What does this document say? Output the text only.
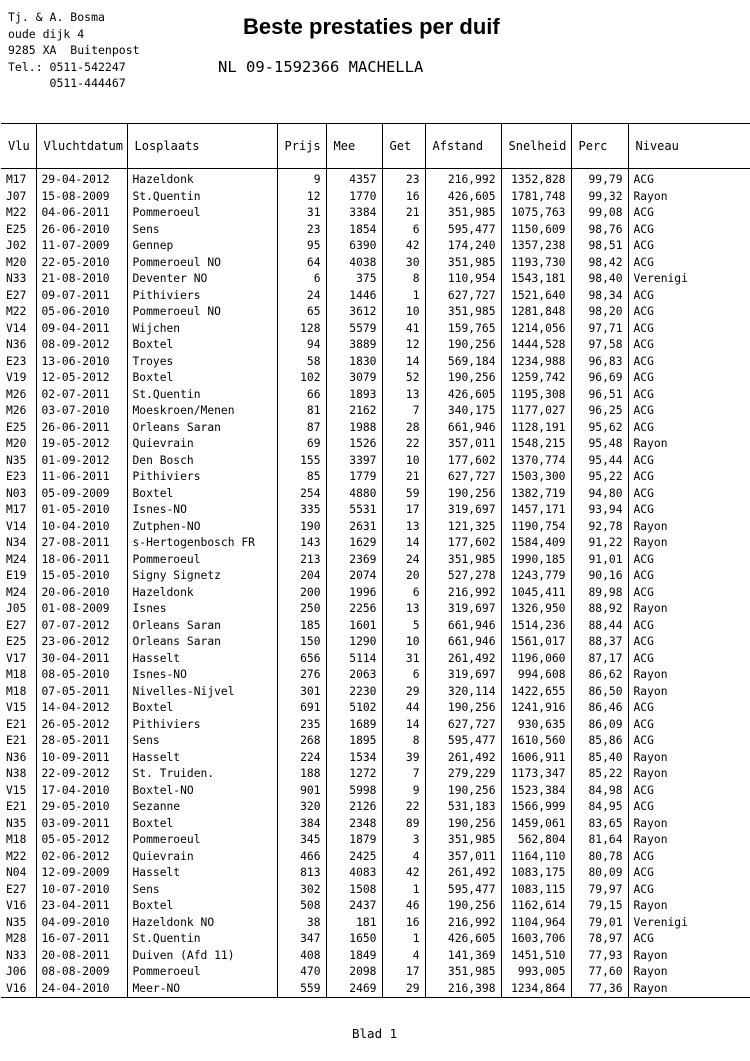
Tj. & A. Bosma
oude dijk 4
9285 XA  Buitenpost
Tel.: 0511-542247
0511-444467
Beste prestaties per duif
NL 09-1592366 MACHELLA
Vlu	Vluchtdatum	Losplaats	Prijs	Mee	Get	Afstand	Snelheid	Perc	Niveau
M17	29-04-2012	Hazeldonk	9	4357	23	216,992	1352,828	99,79	ACG
J07	15-08-2009	St.Quentin	12	1770	16	426,605	1781,748	99,32	Rayon
M22	04-06-2011	Pommeroeul	31	3384	21	351,985	1075,763	99,08	ACG
E25	26-06-2010	Sens	23	1854	6	595,477	1150,609	98,76	ACG
J02	11-07-2009	Gennep	95	6390	42	174,240	1357,238	98,51	ACG
M20	22-05-2010	Pommeroeul NO	64	4038	30	351,985	1193,730	98,42	ACG
N33	21-08-2010	Deventer NO	6	375	8	110,954	1543,181	98,40	Verenigi
E27	09-07-2011	Pithiviers	24	1446	1	627,727	1521,640	98,34	ACG
M22	05-06-2010	Pommeroeul NO	65	3612	10	351,985	1281,848	98,20	ACG
V14	09-04-2011	Wijchen	128	5579	41	159,765	1214,056	97,71	ACG
N36	08-09-2012	Boxtel	94	3889	12	190,256	1444,528	97,58	ACG
E23	13-06-2010	Troyes	58	1830	14	569,184	1234,988	96,83	ACG
V19	12-05-2012	Boxtel	102	3079	52	190,256	1259,742	96,69	ACG
M26	02-07-2011	St.Quentin	66	1893	13	426,605	1195,308	96,51	ACG
M26	03-07-2010	Moeskroen/Menen	81	2162	7	340,175	1177,027	96,25	ACG
E25	26-06-2011	Orleans Saran	87	1988	28	661,946	1128,191	95,62	ACG
M20	19-05-2012	Quievrain	69	1526	22	357,011	1548,215	95,48	Rayon
N35	01-09-2012	Den Bosch	155	3397	10	177,602	1370,774	95,44	ACG
E23	11-06-2011	Pithiviers	85	1779	21	627,727	1503,300	95,22	ACG
N03	05-09-2009	Boxtel	254	4880	59	190,256	1382,719	94,80	ACG
M17	01-05-2010	Isnes-NO	335	5531	17	319,697	1457,171	93,94	ACG
V14	10-04-2010	Zutphen-NO	190	2631	13	121,325	1190,754	92,78	Rayon
N34	27-08-2011	s-Hertogenbosch FR	143	1629	14	177,602	1584,409	91,22	Rayon
M24	18-06-2011	Pommeroeul	213	2369	24	351,985	1990,185	91,01	ACG
E19	15-05-2010	Signy Signetz	204	2074	20	527,278	1243,779	90,16	ACG
M24	20-06-2010	Hazeldonk	200	1996	6	216,992	1045,411	89,98	ACG
J05	01-08-2009	Isnes	250	2256	13	319,697	1326,950	88,92	Rayon
E27	07-07-2012	Orleans Saran	185	1601	5	661,946	1514,236	88,44	ACG
E25	23-06-2012	Orleans Saran	150	1290	10	661,946	1561,017	88,37	ACG
V17	30-04-2011	Hasselt	656	5114	31	261,492	1196,060	87,17	ACG
M18	08-05-2010	Isnes-NO	276	2063	6	319,697	994,608	86,62	Rayon
M18	07-05-2011	Nivelles-Nijvel	301	2230	29	320,114	1422,655	86,50	Rayon
V15	14-04-2012	Boxtel	691	5102	44	190,256	1241,916	86,46	ACG
E21	26-05-2012	Pithiviers	235	1689	14	627,727	930,635	86,09	ACG
E21	28-05-2011	Sens	268	1895	8	595,477	1610,560	85,86	ACG
N36	10-09-2011	Hasselt	224	1534	39	261,492	1606,911	85,40	Rayon
N38	22-09-2012	St. Truiden.	188	1272	7	279,229	1173,347	85,22	Rayon
V15	17-04-2010	Boxtel-NO	901	5998	9	190,256	1523,384	84,98	ACG
E21	29-05-2010	Sezanne	320	2126	22	531,183	1566,999	84,95	ACG
N35	03-09-2011	Boxtel	384	2348	89	190,256	1459,061	83,65	Rayon
M18	05-05-2012	Pommeroeul	345	1879	3	351,985	562,804	81,64	Rayon
M22	02-06-2012	Quievrain	466	2425	4	357,011	1164,110	80,78	ACG
N04	12-09-2009	Hasselt	813	4083	42	261,492	1083,175	80,09	ACG
E27	10-07-2010	Sens	302	1508	1	595,477	1083,115	79,97	ACG
V16	23-04-2011	Boxtel	508	2437	46	190,256	1162,614	79,15	Rayon
N35	04-09-2010	Hazeldonk NO	38	181	16	216,992	1104,964	79,01	Verenigi
M28	16-07-2011	St.Quentin	347	1650	1	426,605	1603,706	78,97	ACG
N33	20-08-2011	Duiven (Afd 11)	408	1849	4	141,369	1451,510	77,93	Rayon
J06	08-08-2009	Pommeroeul	470	2098	17	351,985	993,005	77,60	Rayon
V16	24-04-2010	Meer-NO	559	2469	29	216,398	1234,864	77,36	Rayon
Blad 1
